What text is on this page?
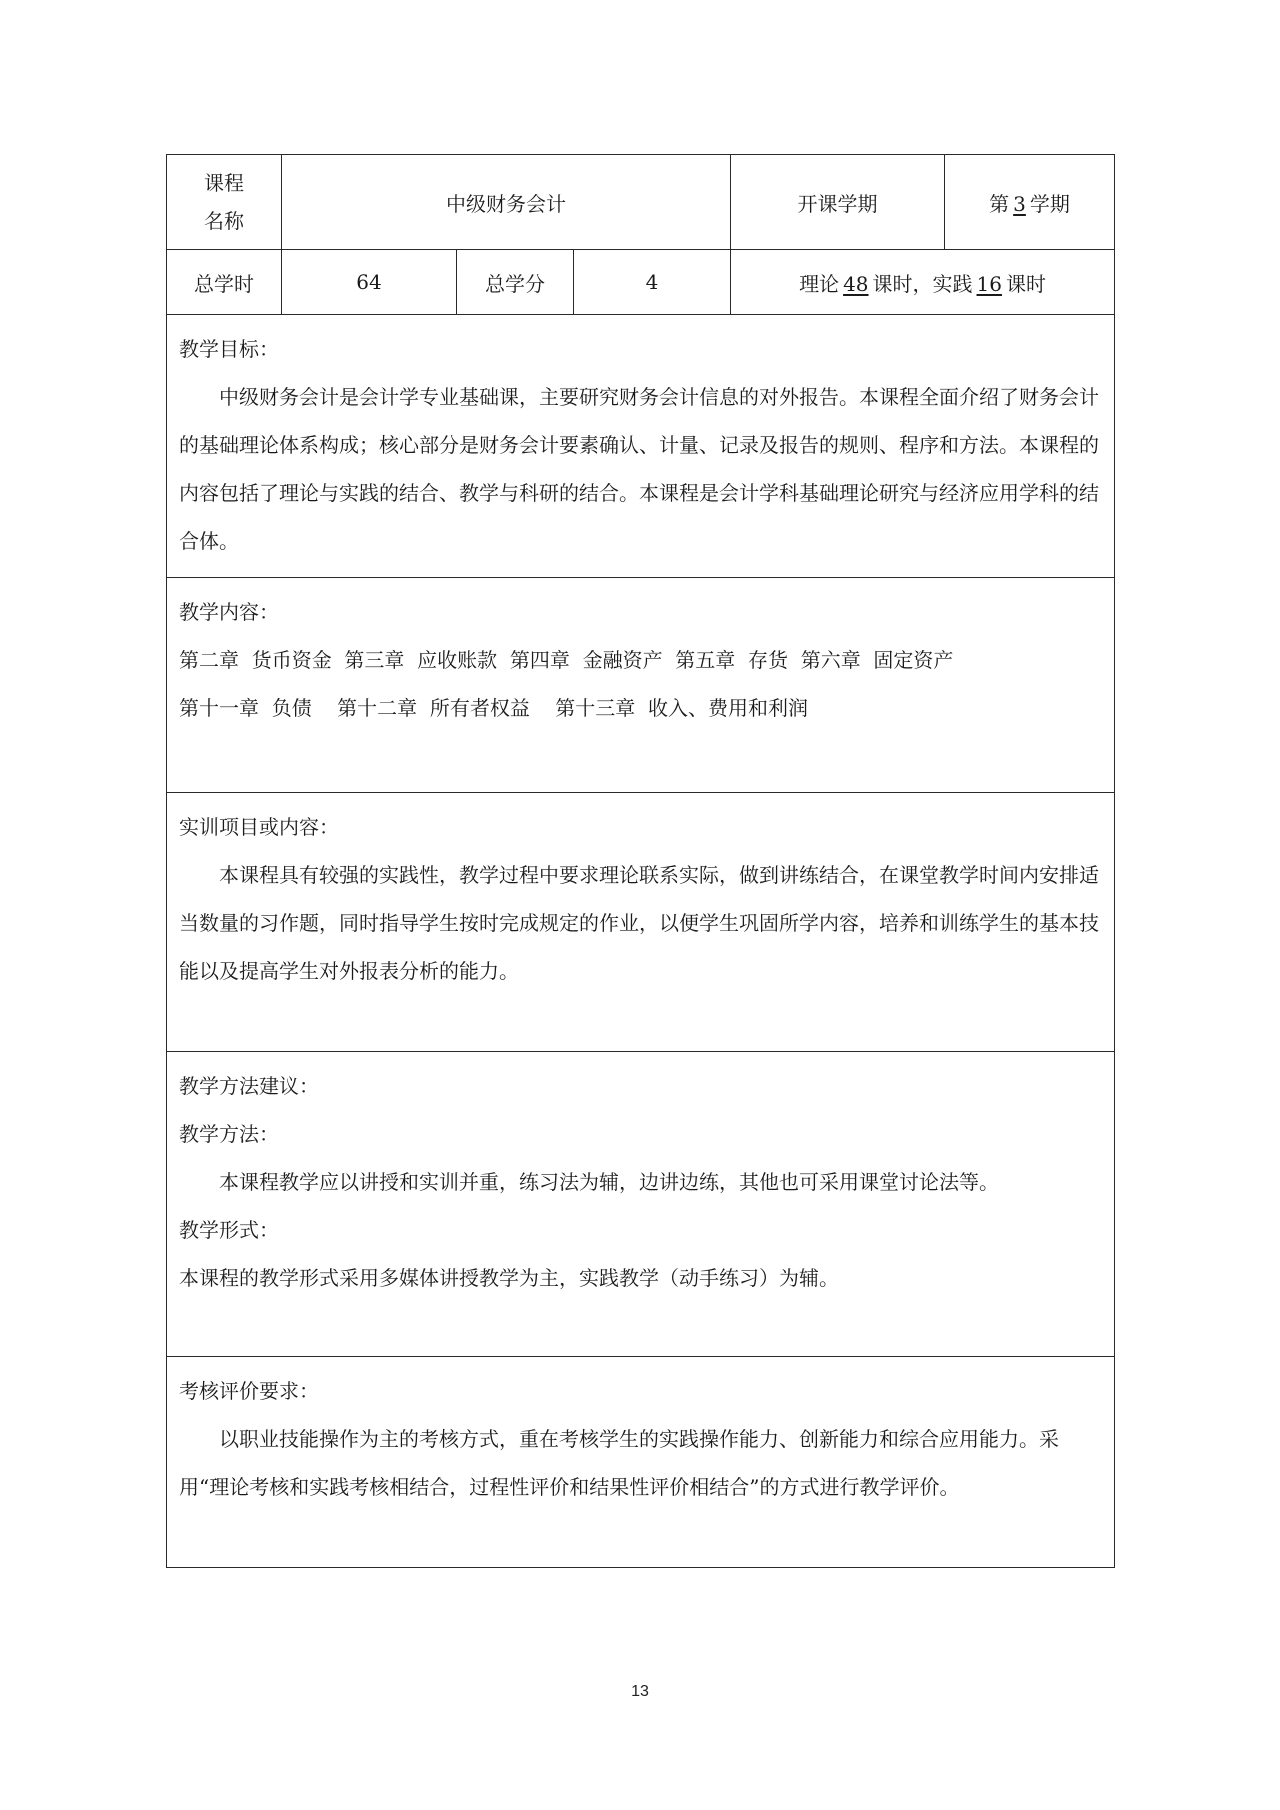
课程
名称	中级财务会计			开课学期	第 3 学期
总学时	64	总学分	4	理论 48 课时，实践 16 课时	

教学目标：

中级财务会计是会计学专业基础课，主要研究财务会计信息的对外报告。本课程全面介绍了财务会计的基础理论体系构成；核心部分是财务会计要素确认、计量、记录及报告的规则、程序和方法。本课程的内容包括了理论与实践的结合、教学与科研的结合。本课程是会计学科基础理论研究与经济应用学科的结合体。					

教学内容：

第二章  货币资金  第三章  应收账款  第四章  金融资产  第五章  存货  第六章  固定资产

第十一章  负债    第十二章  所有者权益    第十三章  收入、费用和利润					

实训项目或内容：

本课程具有较强的实践性，教学过程中要求理论联系实际，做到讲练结合，在课堂教学时间内安排适当数量的习作题，同时指导学生按时完成规定的作业，以便学生巩固所学内容，培养和训练学生的基本技能以及提高学生对外报表分析的能力。					

教学方法建议：

教学方法：

本课程教学应以讲授和实训并重，练习法为辅，边讲边练，其他也可采用课堂讨论法等。

教学形式：

本课程的教学形式采用多媒体讲授教学为主，实践教学（动手练习）为辅。					

考核评价要求：

以职业技能操作为主的考核方式，重在考核学生的实践操作能力、创新能力和综合应用能力。采用“理论考核和实践考核相结合，过程性评价和结果性评价相结合”的方式进行教学评价。					

13
